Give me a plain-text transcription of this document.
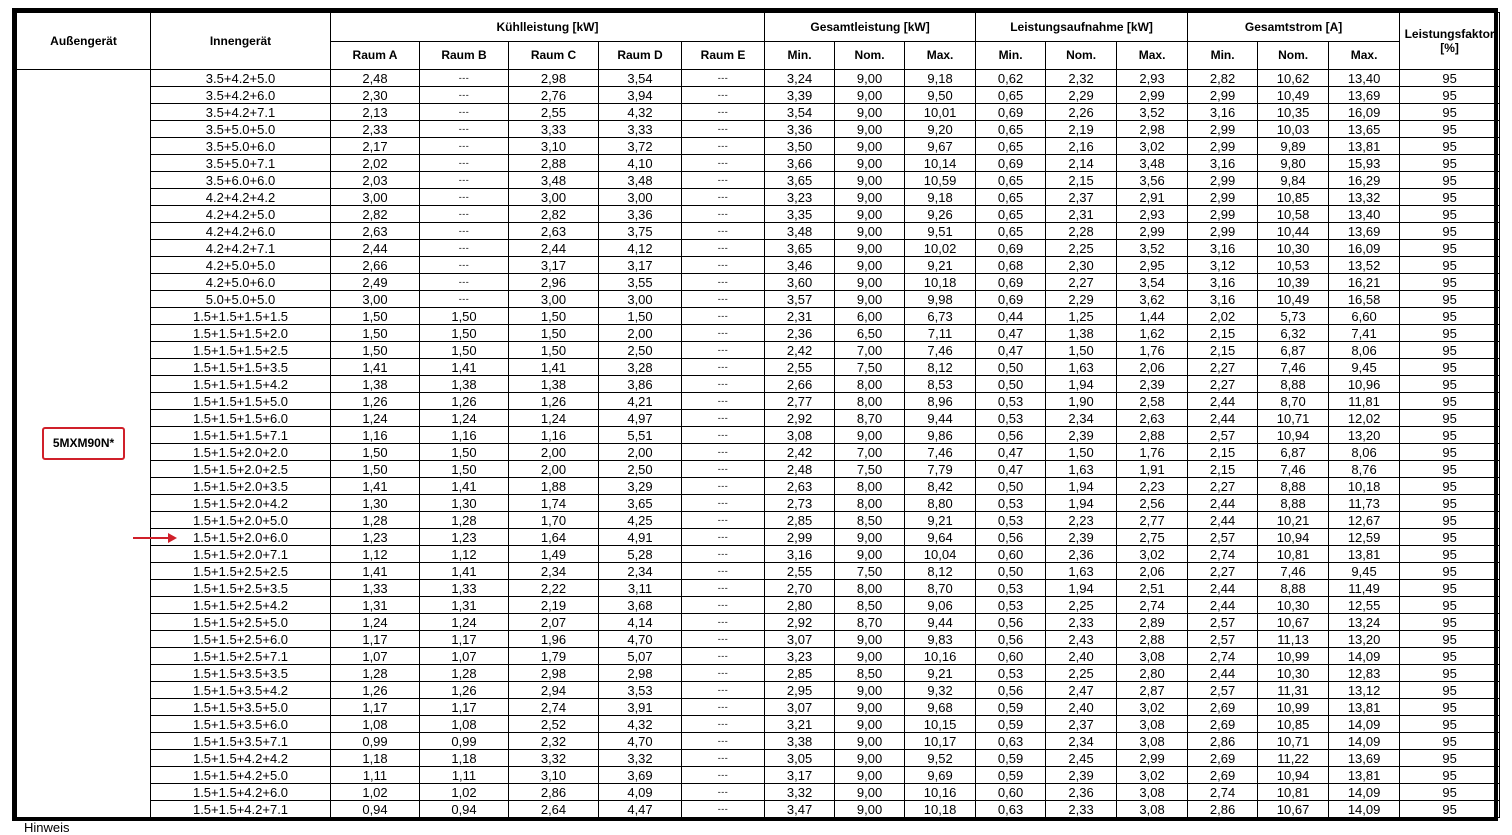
Außengerät	Innengerät	Kühlleistung [kW]					Gesamtleistung [kW]			Leistungsaufnahme [kW]			Gesamtstrom [A]			Leistungsfaktor [%]
		Raum A	Raum B	Raum C	Raum D	Raum E	Min.	Nom.	Max.	Min.	Nom.	Max.	Min.	Nom.	Max.	
5MXM90N*	3.5+4.2+5.0	2,48	---	2,98	3,54	---	3,24	9,00	9,18	0,62	2,32	2,93	2,82	10,62	13,40	95
	3.5+4.2+6.0	2,30	---	2,76	3,94	---	3,39	9,00	9,50	0,65	2,29	2,99	2,99	10,49	13,69	95
	3.5+4.2+7.1	2,13	---	2,55	4,32	---	3,54	9,00	10,01	0,69	2,26	3,52	3,16	10,35	16,09	95
	3.5+5.0+5.0	2,33	---	3,33	3,33	---	3,36	9,00	9,20	0,65	2,19	2,98	2,99	10,03	13,65	95
	3.5+5.0+6.0	2,17	---	3,10	3,72	---	3,50	9,00	9,67	0,65	2,16	3,02	2,99	9,89	13,81	95
	3.5+5.0+7.1	2,02	---	2,88	4,10	---	3,66	9,00	10,14	0,69	2,14	3,48	3,16	9,80	15,93	95
	3.5+6.0+6.0	2,03	---	3,48	3,48	---	3,65	9,00	10,59	0,65	2,15	3,56	2,99	9,84	16,29	95
	4.2+4.2+4.2	3,00	---	3,00	3,00	---	3,23	9,00	9,18	0,65	2,37	2,91	2,99	10,85	13,32	95
	4.2+4.2+5.0	2,82	---	2,82	3,36	---	3,35	9,00	9,26	0,65	2,31	2,93	2,99	10,58	13,40	95
	4.2+4.2+6.0	2,63	---	2,63	3,75	---	3,48	9,00	9,51	0,65	2,28	2,99	2,99	10,44	13,69	95
	4.2+4.2+7.1	2,44	---	2,44	4,12	---	3,65	9,00	10,02	0,69	2,25	3,52	3,16	10,30	16,09	95
	4.2+5.0+5.0	2,66	---	3,17	3,17	---	3,46	9,00	9,21	0,68	2,30	2,95	3,12	10,53	13,52	95
	4.2+5.0+6.0	2,49	---	2,96	3,55	---	3,60	9,00	10,18	0,69	2,27	3,54	3,16	10,39	16,21	95
	5.0+5.0+5.0	3,00	---	3,00	3,00	---	3,57	9,00	9,98	0,69	2,29	3,62	3,16	10,49	16,58	95
	1.5+1.5+1.5+1.5	1,50	1,50	1,50	1,50	---	2,31	6,00	6,73	0,44	1,25	1,44	2,02	5,73	6,60	95
	1.5+1.5+1.5+2.0	1,50	1,50	1,50	2,00	---	2,36	6,50	7,11	0,47	1,38	1,62	2,15	6,32	7,41	95
	1.5+1.5+1.5+2.5	1,50	1,50	1,50	2,50	---	2,42	7,00	7,46	0,47	1,50	1,76	2,15	6,87	8,06	95
	1.5+1.5+1.5+3.5	1,41	1,41	1,41	3,28	---	2,55	7,50	8,12	0,50	1,63	2,06	2,27	7,46	9,45	95
	1.5+1.5+1.5+4.2	1,38	1,38	1,38	3,86	---	2,66	8,00	8,53	0,50	1,94	2,39	2,27	8,88	10,96	95
	1.5+1.5+1.5+5.0	1,26	1,26	1,26	4,21	---	2,77	8,00	8,96	0,53	1,90	2,58	2,44	8,70	11,81	95
	1.5+1.5+1.5+6.0	1,24	1,24	1,24	4,97	---	2,92	8,70	9,44	0,53	2,34	2,63	2,44	10,71	12,02	95
	1.5+1.5+1.5+7.1	1,16	1,16	1,16	5,51	---	3,08	9,00	9,86	0,56	2,39	2,88	2,57	10,94	13,20	95
	1.5+1.5+2.0+2.0	1,50	1,50	2,00	2,00	---	2,42	7,00	7,46	0,47	1,50	1,76	2,15	6,87	8,06	95
	1.5+1.5+2.0+2.5	1,50	1,50	2,00	2,50	---	2,48	7,50	7,79	0,47	1,63	1,91	2,15	7,46	8,76	95
	1.5+1.5+2.0+3.5	1,41	1,41	1,88	3,29	---	2,63	8,00	8,42	0,50	1,94	2,23	2,27	8,88	10,18	95
	1.5+1.5+2.0+4.2	1,30	1,30	1,74	3,65	---	2,73	8,00	8,80	0,53	1,94	2,56	2,44	8,88	11,73	95
	1.5+1.5+2.0+5.0	1,28	1,28	1,70	4,25	---	2,85	8,50	9,21	0,53	2,23	2,77	2,44	10,21	12,67	95
	1.5+1.5+2.0+6.0	1,23	1,23	1,64	4,91	---	2,99	9,00	9,64	0,56	2,39	2,75	2,57	10,94	12,59	95
	1.5+1.5+2.0+7.1	1,12	1,12	1,49	5,28	---	3,16	9,00	10,04	0,60	2,36	3,02	2,74	10,81	13,81	95
	1.5+1.5+2.5+2.5	1,41	1,41	2,34	2,34	---	2,55	7,50	8,12	0,50	1,63	2,06	2,27	7,46	9,45	95
	1.5+1.5+2.5+3.5	1,33	1,33	2,22	3,11	---	2,70	8,00	8,70	0,53	1,94	2,51	2,44	8,88	11,49	95
	1.5+1.5+2.5+4.2	1,31	1,31	2,19	3,68	---	2,80	8,50	9,06	0,53	2,25	2,74	2,44	10,30	12,55	95
	1.5+1.5+2.5+5.0	1,24	1,24	2,07	4,14	---	2,92	8,70	9,44	0,56	2,33	2,89	2,57	10,67	13,24	95
	1.5+1.5+2.5+6.0	1,17	1,17	1,96	4,70	---	3,07	9,00	9,83	0,56	2,43	2,88	2,57	11,13	13,20	95
	1.5+1.5+2.5+7.1	1,07	1,07	1,79	5,07	---	3,23	9,00	10,16	0,60	2,40	3,08	2,74	10,99	14,09	95
	1.5+1.5+3.5+3.5	1,28	1,28	2,98	2,98	---	2,85	8,50	9,21	0,53	2,25	2,80	2,44	10,30	12,83	95
	1.5+1.5+3.5+4.2	1,26	1,26	2,94	3,53	---	2,95	9,00	9,32	0,56	2,47	2,87	2,57	11,31	13,12	95
	1.5+1.5+3.5+5.0	1,17	1,17	2,74	3,91	---	3,07	9,00	9,68	0,59	2,40	3,02	2,69	10,99	13,81	95
	1.5+1.5+3.5+6.0	1,08	1,08	2,52	4,32	---	3,21	9,00	10,15	0,59	2,37	3,08	2,69	10,85	14,09	95
	1.5+1.5+3.5+7.1	0,99	0,99	2,32	4,70	---	3,38	9,00	10,17	0,63	2,34	3,08	2,86	10,71	14,09	95
	1.5+1.5+4.2+4.2	1,18	1,18	3,32	3,32	---	3,05	9,00	9,52	0,59	2,45	2,99	2,69	11,22	13,69	95
	1.5+1.5+4.2+5.0	1,11	1,11	3,10	3,69	---	3,17	9,00	9,69	0,59	2,39	3,02	2,69	10,94	13,81	95
	1.5+1.5+4.2+6.0	1,02	1,02	2,86	4,09	---	3,32	9,00	10,16	0,60	2,36	3,08	2,74	10,81	14,09	95
	1.5+1.5+4.2+7.1	0,94	0,94	2,64	4,47	---	3,47	9,00	10,18	0,63	2,33	3,08	2,86	10,67	14,09	95
Hinweis
